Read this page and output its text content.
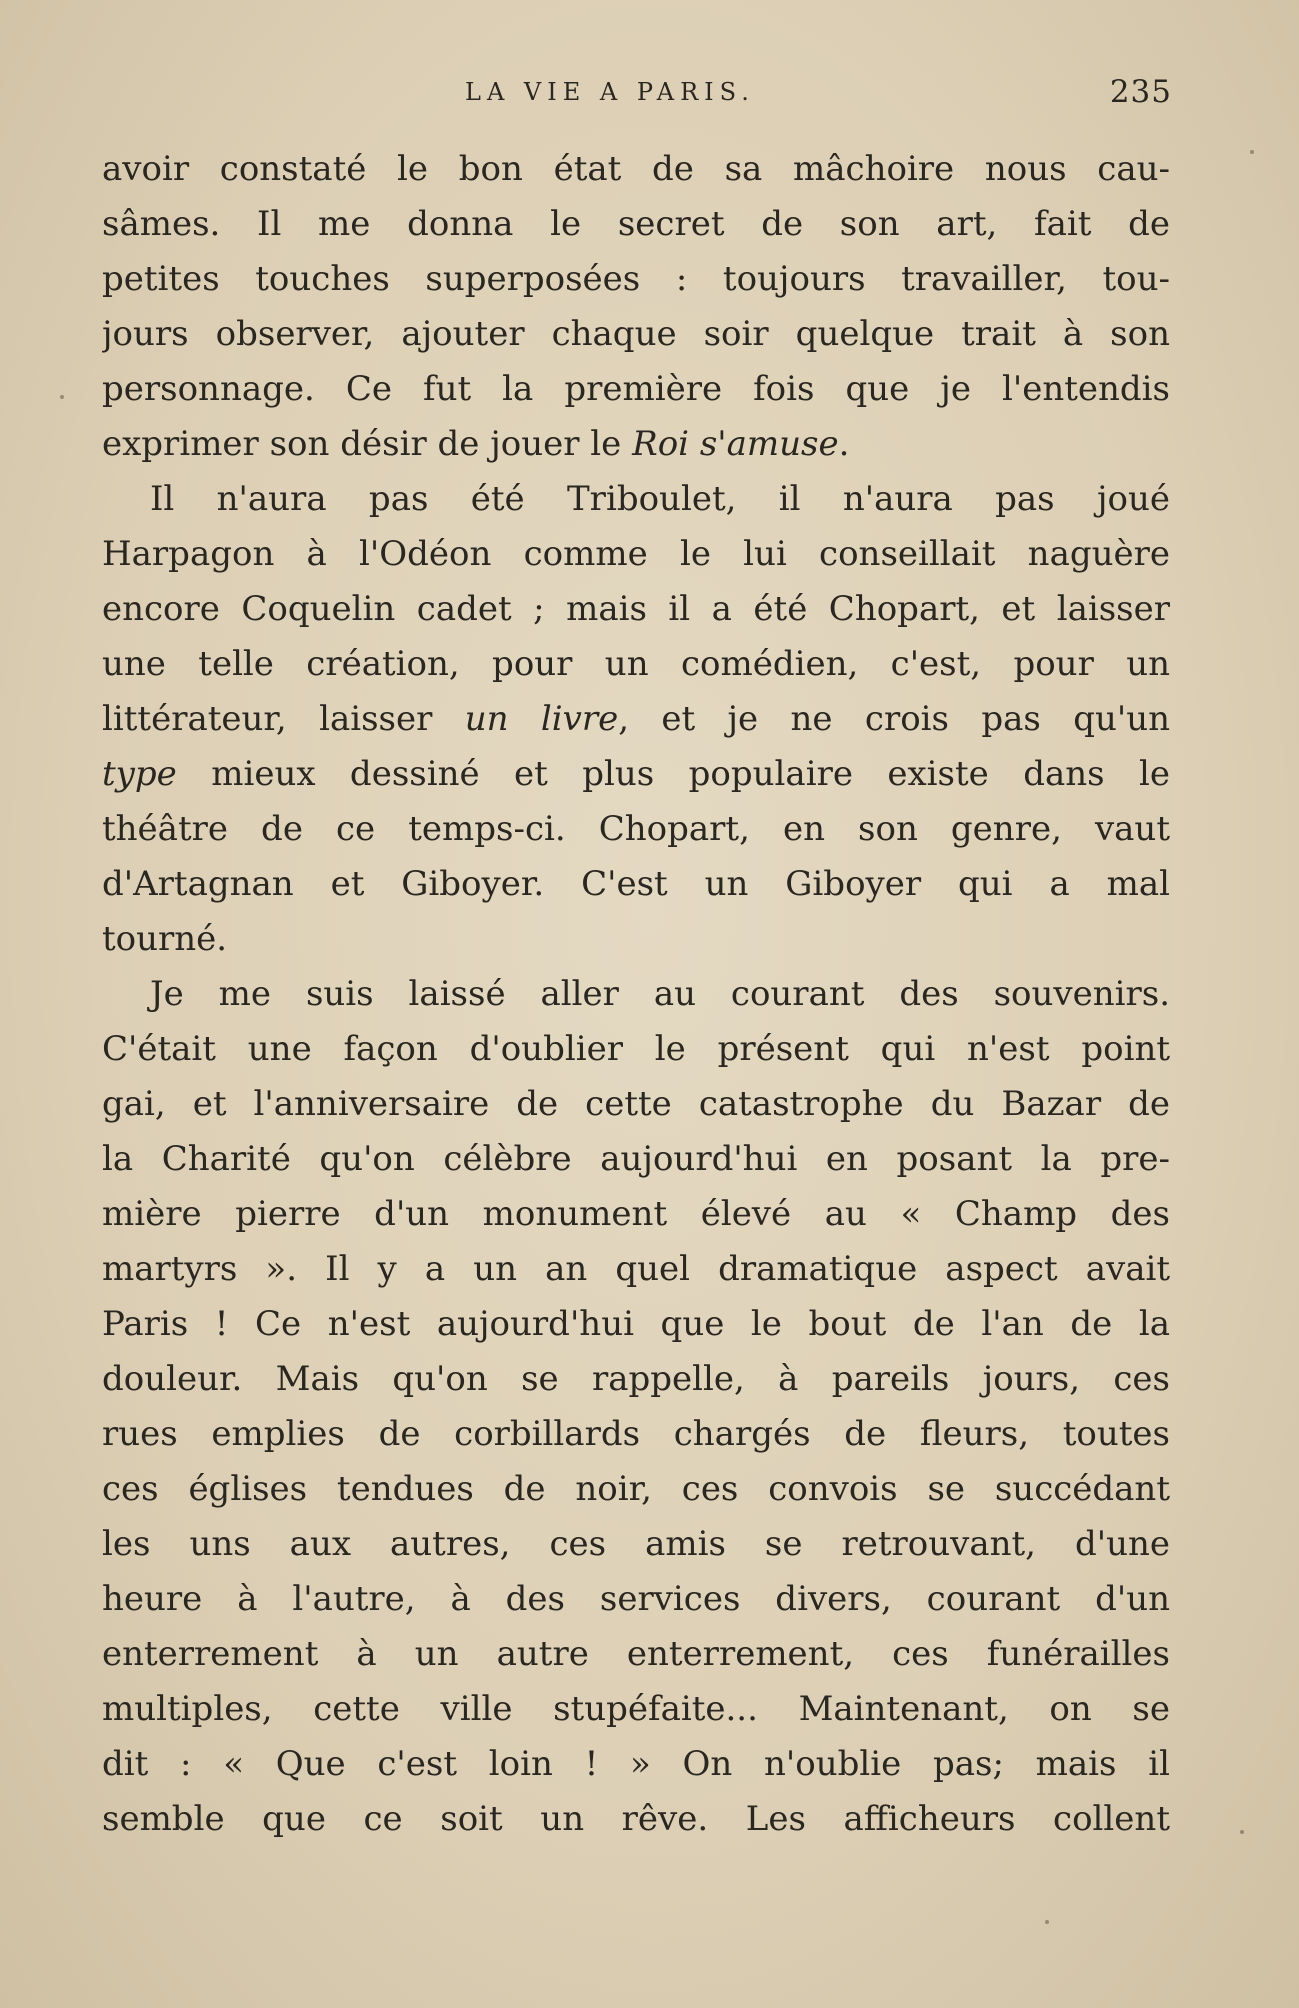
LA VIE A PARIS.	235
avoir constaté le bon état de sa mâchoire nous cau-
sâmes. Il me donna le secret de son art, fait de
petites touches superposées : toujours travailler, tou-
jours observer, ajouter chaque soir quelque trait à son
personnage. Ce fut la première fois que je l'entendis
exprimer son désir de jouer le Roi s'amuse.
Il n'aura pas été Triboulet, il n'aura pas joué
Harpagon à l'Odéon comme le lui conseillait naguère
encore Coquelin cadet ; mais il a été Chopart, et laisser
une telle création, pour un comédien, c'est, pour un
littérateur, laisser un livre, et je ne crois pas qu'un
type mieux dessiné et plus populaire existe dans le
théâtre de ce temps-ci. Chopart, en son genre, vaut
d'Artagnan et Giboyer. C'est un Giboyer qui a mal
tourné.
Je me suis laissé aller au courant des souvenirs.
C'était une façon d'oublier le présent qui n'est point
gai, et l'anniversaire de cette catastrophe du Bazar de
la Charité qu'on célèbre aujourd'hui en posant la pre-
mière pierre d'un monument élevé au « Champ des
martyrs ». Il y a un an quel dramatique aspect avait
Paris ! Ce n'est aujourd'hui que le bout de l'an de la
douleur. Mais qu'on se rappelle, à pareils jours, ces
rues emplies de corbillards chargés de fleurs, toutes
ces églises tendues de noir, ces convois se succédant
les uns aux autres, ces amis se retrouvant, d'une
heure à l'autre, à des services divers, courant d'un
enterrement à un autre enterrement, ces funérailles
multiples, cette ville stupéfaite... Maintenant, on se
dit : « Que c'est loin ! » On n'oublie pas; mais il
semble que ce soit un rêve. Les afficheurs collent
